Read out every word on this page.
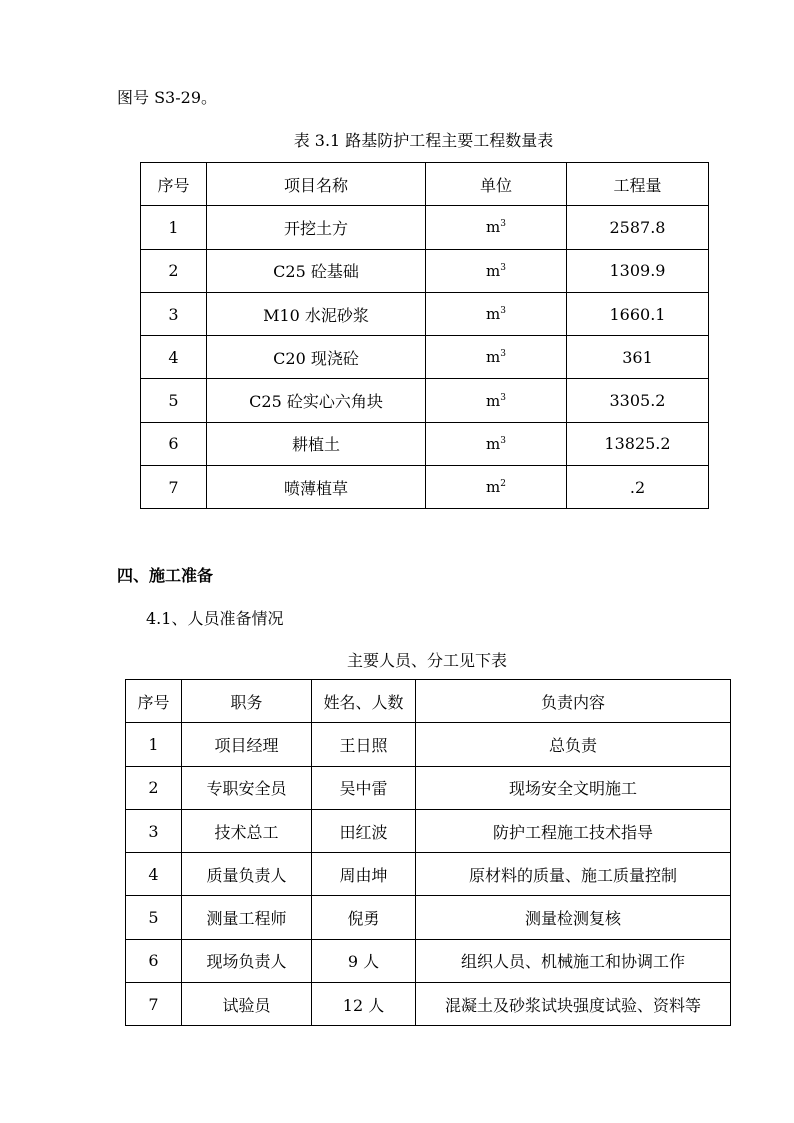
图号 S3-29。
表 3.1 路基防护工程主要工程数量表
序号	项目名称	单位	工程量
1	开挖土方	$m^3$	2587.8
2	C25 砼基础	$m^3$	1309.9
3	M10 水泥砂浆	$m^3$	1660.1
4	C20 现浇砼	$m^3$	361
5	C25 砼实心六角块	$m^3$	3305.2
6	耕植土	$m^3$	13825.2
7	喷薄植草	$m^2$	.2
四、施工准备
4.1、人员准备情况
主要人员、分工见下表
序号	职务	姓名、人数	负责内容
1	项目经理	王日照	总负责
2	专职安全员	吴中雷	现场安全文明施工
3	技术总工	田红波	防护工程施工技术指导
4	质量负责人	周由坤	原材料的质量、施工质量控制
5	测量工程师	倪勇	测量检测复核
6	现场负责人	9 人	组织人员、机械施工和协调工作
7	试验员	12 人	混凝土及砂浆试块强度试验、资料等
